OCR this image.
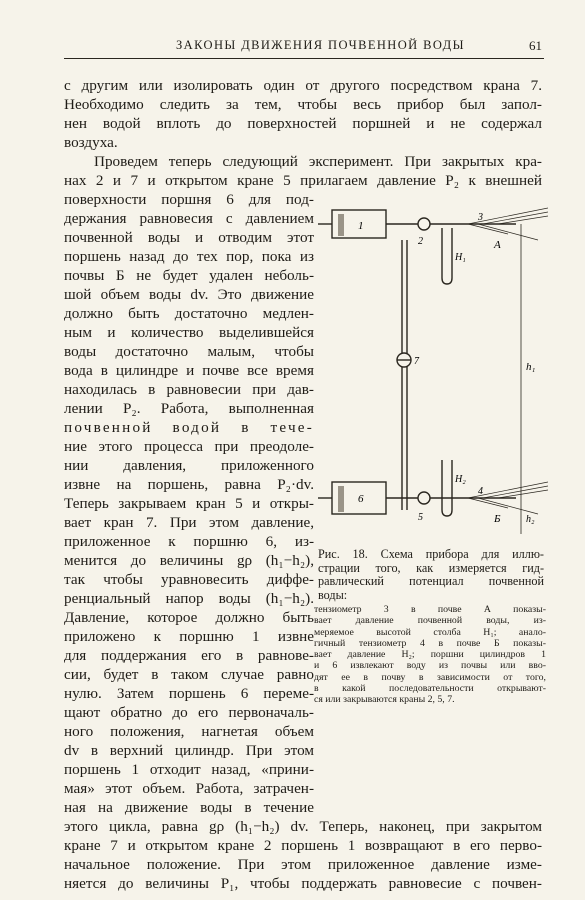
ЗАКОНЫ ДВИЖЕНИЯ ПОЧВЕННОЙ ВОДЫ	61
с другим или изолировать один от другого посредством крана 7.
Необходимо следить за тем, чтобы весь прибор был запол-
нен водой вплоть до поверхностей поршней и не содержал
воздуха.
Проведем теперь следующий эксперимент. При закрытых кра-
нах 2 и 7 и открытом кране 5 прилагаем давление P₂ к внешней
поверхности поршня 6 для под-
держания равновесия с давлением
почвенной воды и отводим этот
поршень назад до тех пор, пока из
почвы Б не будет удален неболь-
шой объем воды dv. Это движение
должно быть достаточно медлен-
ным и количество выделившейся
воды достаточно малым, чтобы
вода в цилиндре и почве все время
находилась в равновесии при дав-
лении P₂. Работа, выполненная
почвенной водой в тече-
ние этого процесса при преодоле-
нии давления, приложенного
извне на поршень, равна P₂·dv.
Теперь закрываем кран 5 и откры-
вает кран 7. При этом давление,
приложенное к поршню 6, из-
менится до величины gρ (h₁−h₂),
так чтобы уравновесить диффе-
ренциальный напор воды (h₁−h₂).
Давление, которое должно быть
приложено к поршню 1 извне
для поддержания его в равнове-
сии, будет в таком случае равно
нулю. Затем поршень 6 переме-
щают обратно до его первоначаль-
ного положения, нагнетая объем
dv в верхний цилиндр. При этом
поршень 1 отходит назад, «прини-
мая» этот объем. Работа, затрачен-
ная на движение воды в течение
этого цикла, равна gρ (h₁−h₂) dv. Теперь, наконец, при закрытом
кране 7 и открытом кране 2 поршень 1 возвращают в его перво-
начальное положение. При этом приложенное давление изме-
няется до величины P₁, чтобы поддержать равновесие с почвен-
1
6
2
7
5
3
4
А
Б
h₁
H₁
H₂
h₂
Рис. 18. Схема прибора для иллю-
страции того, как измеряется гид-
равлический потенциал почвенной
воды:
тензиометр 3 в почве А показы-
вает давление почвенной воды, из-
меряемое высотой столба H₁; анало-
гичный тензиометр 4 в почве Б показы-
вает давление H₂; поршни цилиндров 1
и 6 извлекают воду из почвы или вво-
дят ее в почву в зависимости от того,
в какой последовательности открывают-
ся или закрываются краны 2, 5, 7.
